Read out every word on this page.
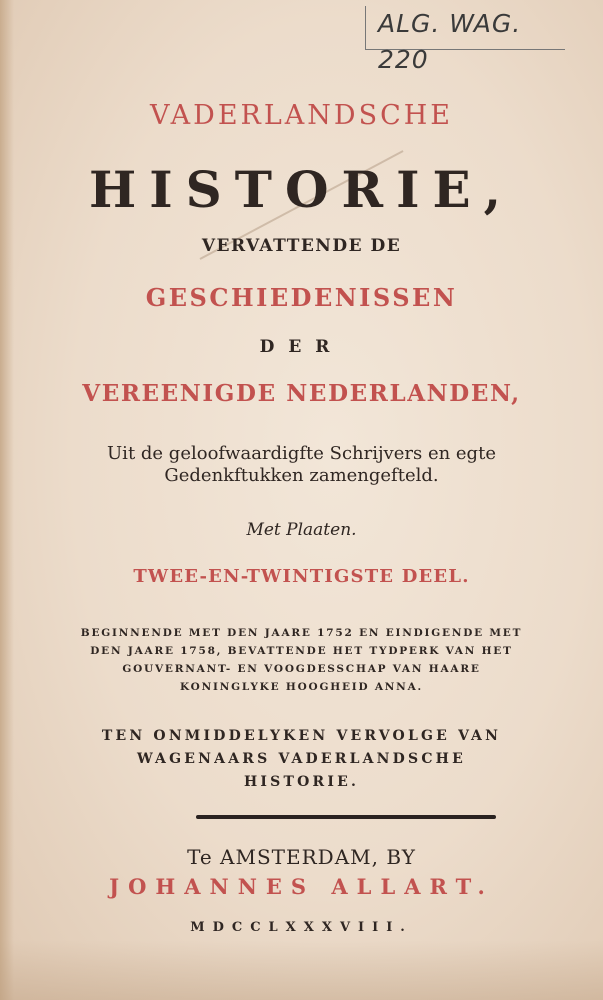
ALG. WAG. 220
VADERLANDSCHE
HISTORIE,
VERVATTENDE DE
GESCHIEDENISSEN
DER
VEREENIGDE NEDERLANDEN,
Uit de geloofwaardigfte Schrijvers en egte
Gedenkftukken zamengefteld.
Met Plaaten.
TWEE-EN-TWINTIGSTE DEEL.
BEGINNENDE MET DEN JAARE 1752 EN EINDIGENDE MET
DEN JAARE 1758, BEVATTENDE HET TYDPERK VAN HET
GOUVERNANT- EN VOOGDESSCHAP VAN HAARE
KONINGLYKE HOOGHEID ANNA.
TEN ONMIDDELYKEN VERVOLGE VAN
WAGENAARS VADERLANDSCHE
HISTORIE.
Te AMSTERDAM, BY
JOHANNES ALLART.
MDCCLXXXVIII.
